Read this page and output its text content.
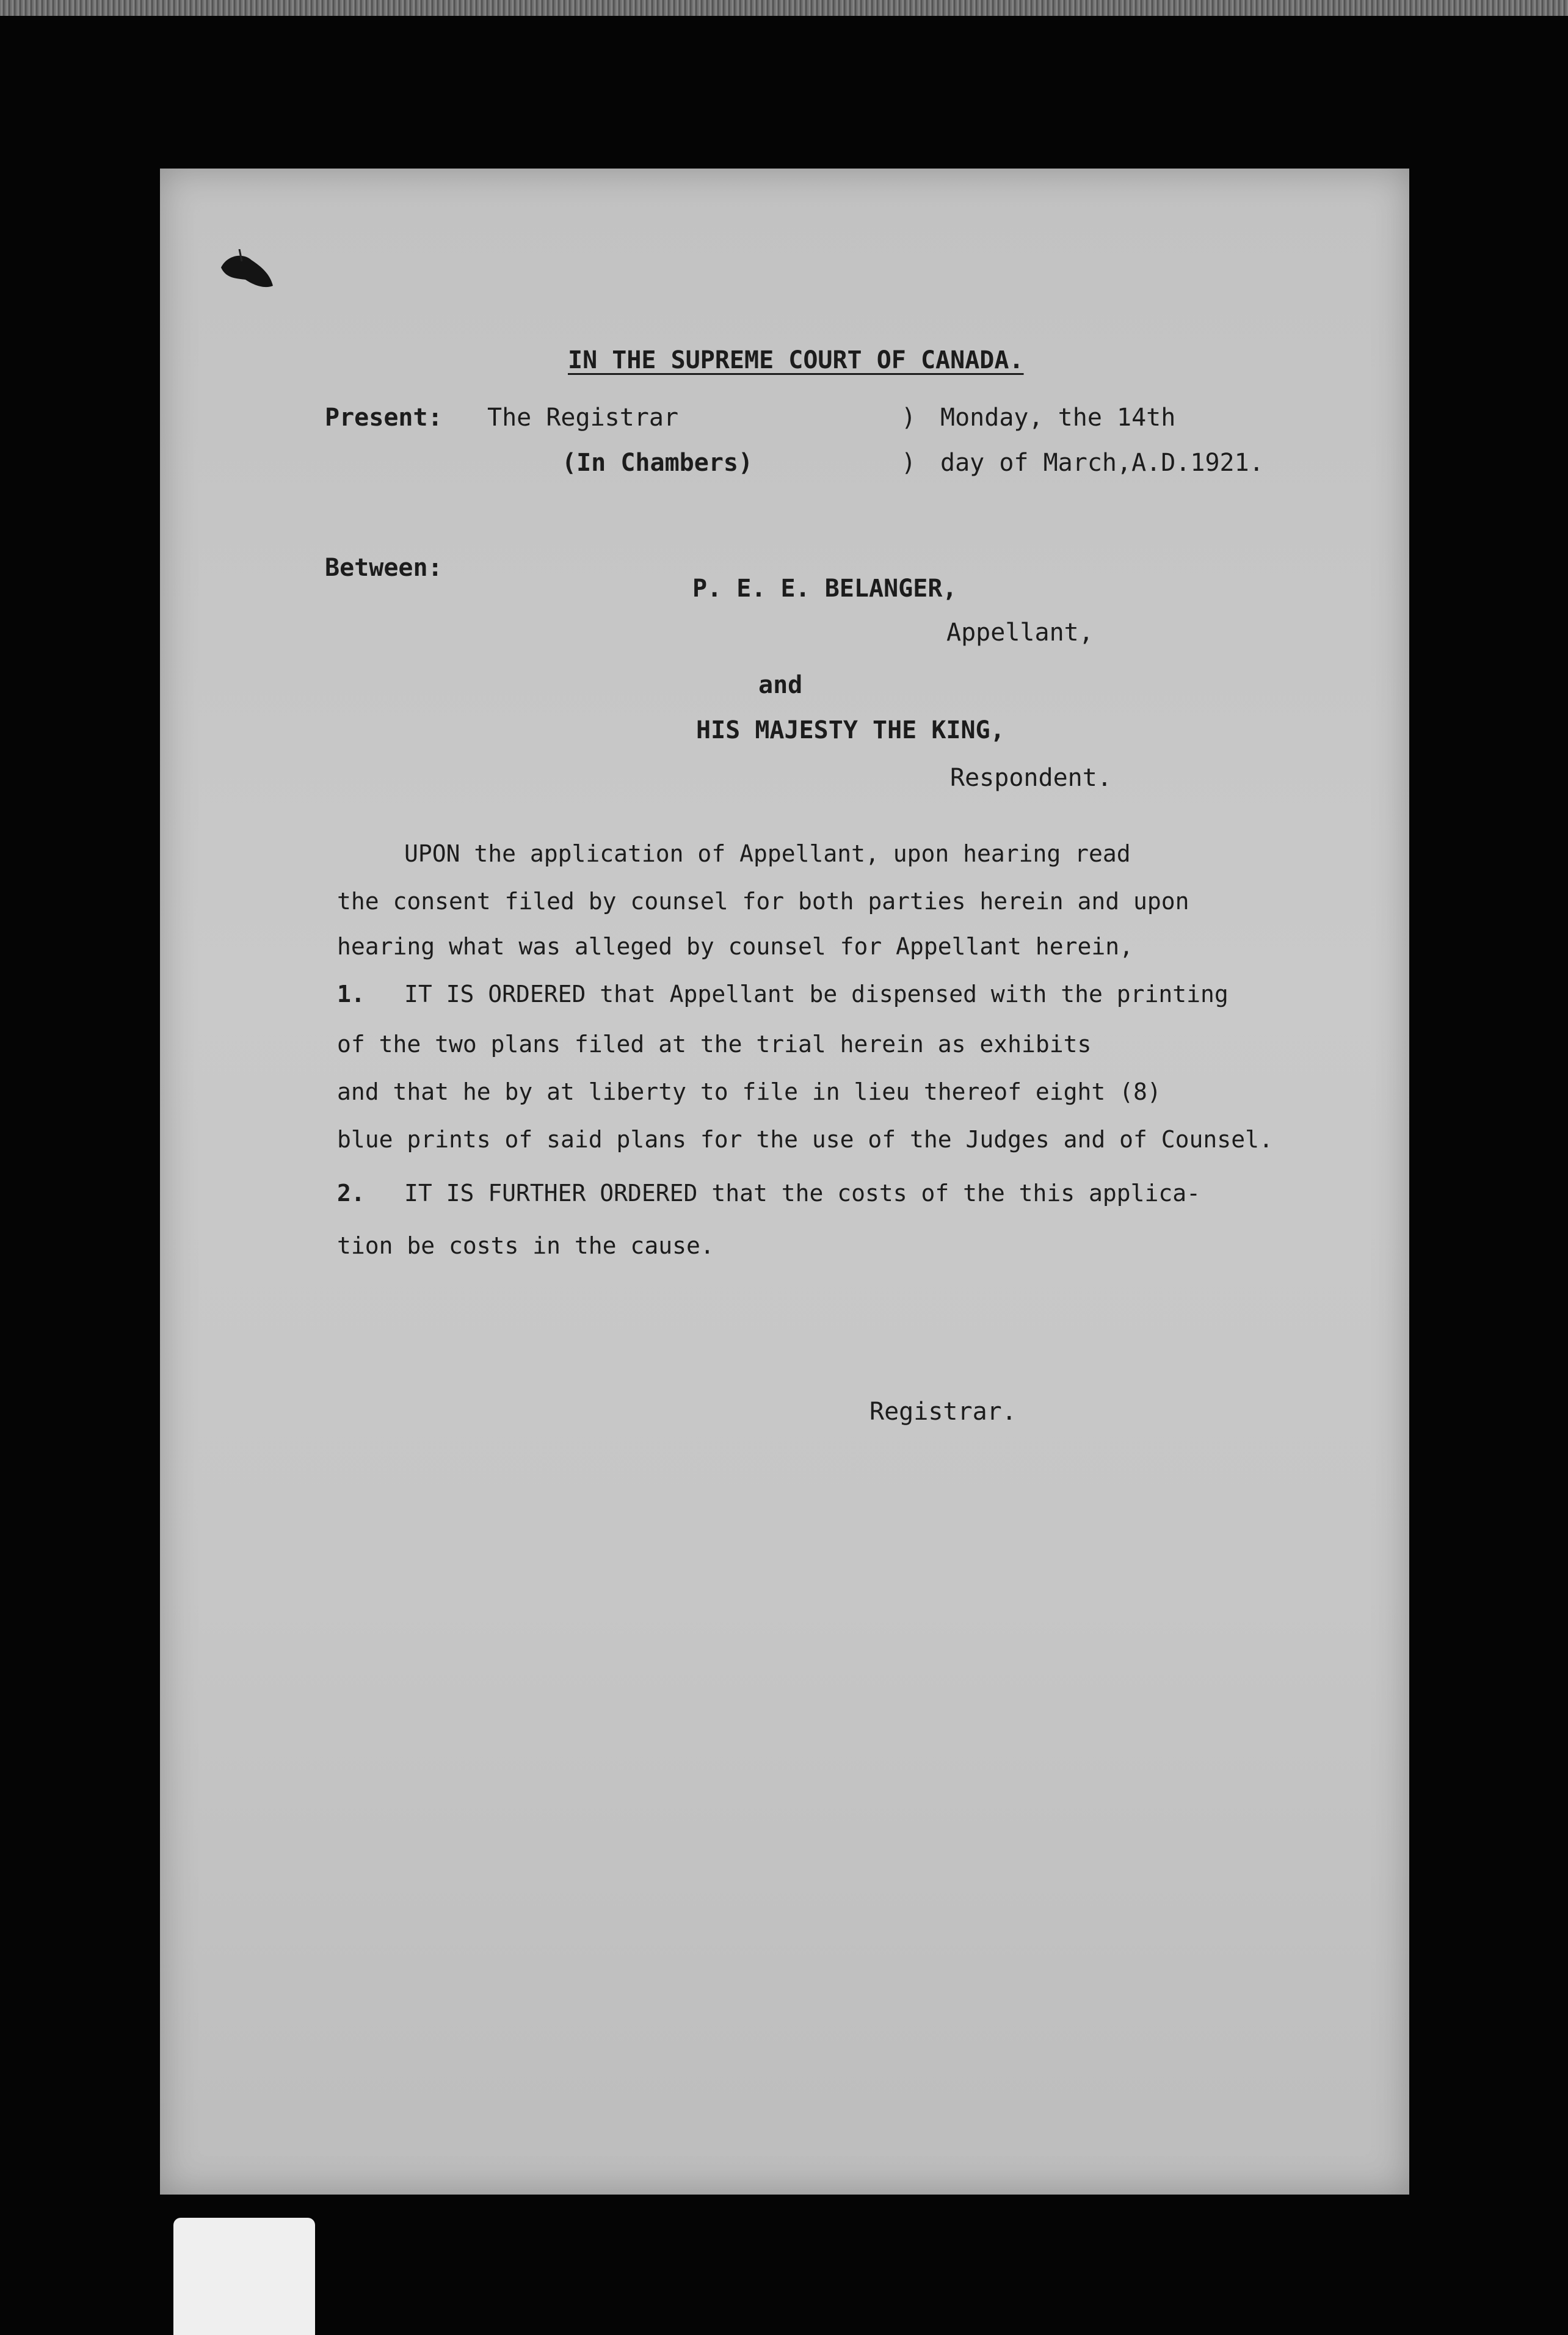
IN THE SUPREME COURT OF CANADA.

Present: The Registrar

(In Chambers)

) Monday, the 14th

) day of March,A.D.1921.

Between:

P. E. E. BELANGER,

Appellant,

and

HIS MAJESTY THE KING,

Respondent.

UPON the application of Appellant, upon hearing read

the consent filed by counsel for both parties herein and upon

hearing what was alleged by counsel for Appellant herein,

1. IT IS ORDERED that Appellant be dispensed with the printing

of the two plans filed at the trial herein as exhibits

and that he by at liberty to file in lieu thereof eight (8)

blue prints of said plans for the use of the Judges and of Counsel.

2. IT IS FURTHER ORDERED that the costs of the this applica-

tion be costs in the cause.

Registrar.
